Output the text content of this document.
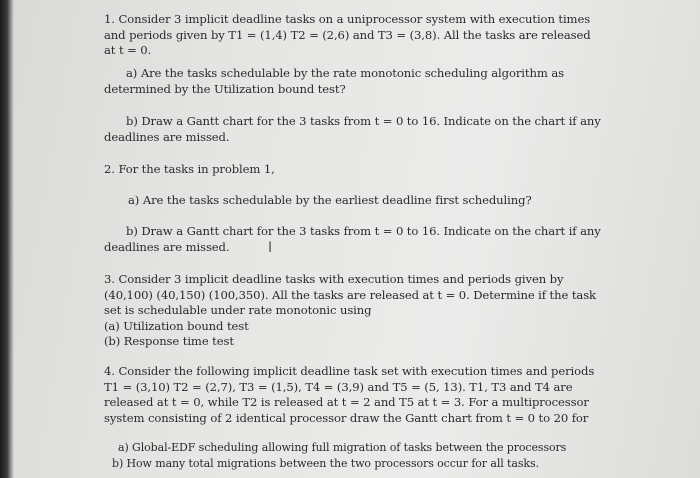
1. Consider 3 implicit deadline tasks on a uniprocessor system with execution times and periods given by T1 = (1,4) T2 = (2,6) and T3 = (3,8). All the tasks are released at t = 0.

a) Are the tasks schedulable by the rate monotonic scheduling algorithm as determined by the Utilization bound test?

b) Draw a Gantt chart for the 3 tasks from t = 0 to 16. Indicate on the chart if any deadlines are missed.

2. For the tasks in problem 1,

a) Are the tasks schedulable by the earliest deadline first scheduling?

b) Draw a Gantt chart for the 3 tasks from t = 0 to 16. Indicate on the chart if any deadlines are missed.

3. Consider 3 implicit deadline tasks with execution times and periods given by (40,100) (40,150) (100,350). All the tasks are released at t = 0. Determine if the task set is schedulable under rate monotonic using

(a) Utilization bound test

(b) Response time test

4. Consider the following implicit deadline task set with execution times and periods T1 = (3,10) T2 = (2,7), T3 = (1,5), T4 = (3,9) and T5 = (5, 13). T1, T3 and T4 are released at t = 0, while T2 is released at t = 2 and T5 at t = 3. For a multiprocessor system consisting of 2 identical processor draw the Gantt chart from t = 0 to 20 for

a) Global-EDF scheduling allowing full migration of tasks between the processors

b) How many total migrations between the two processors occur for all tasks.

I
